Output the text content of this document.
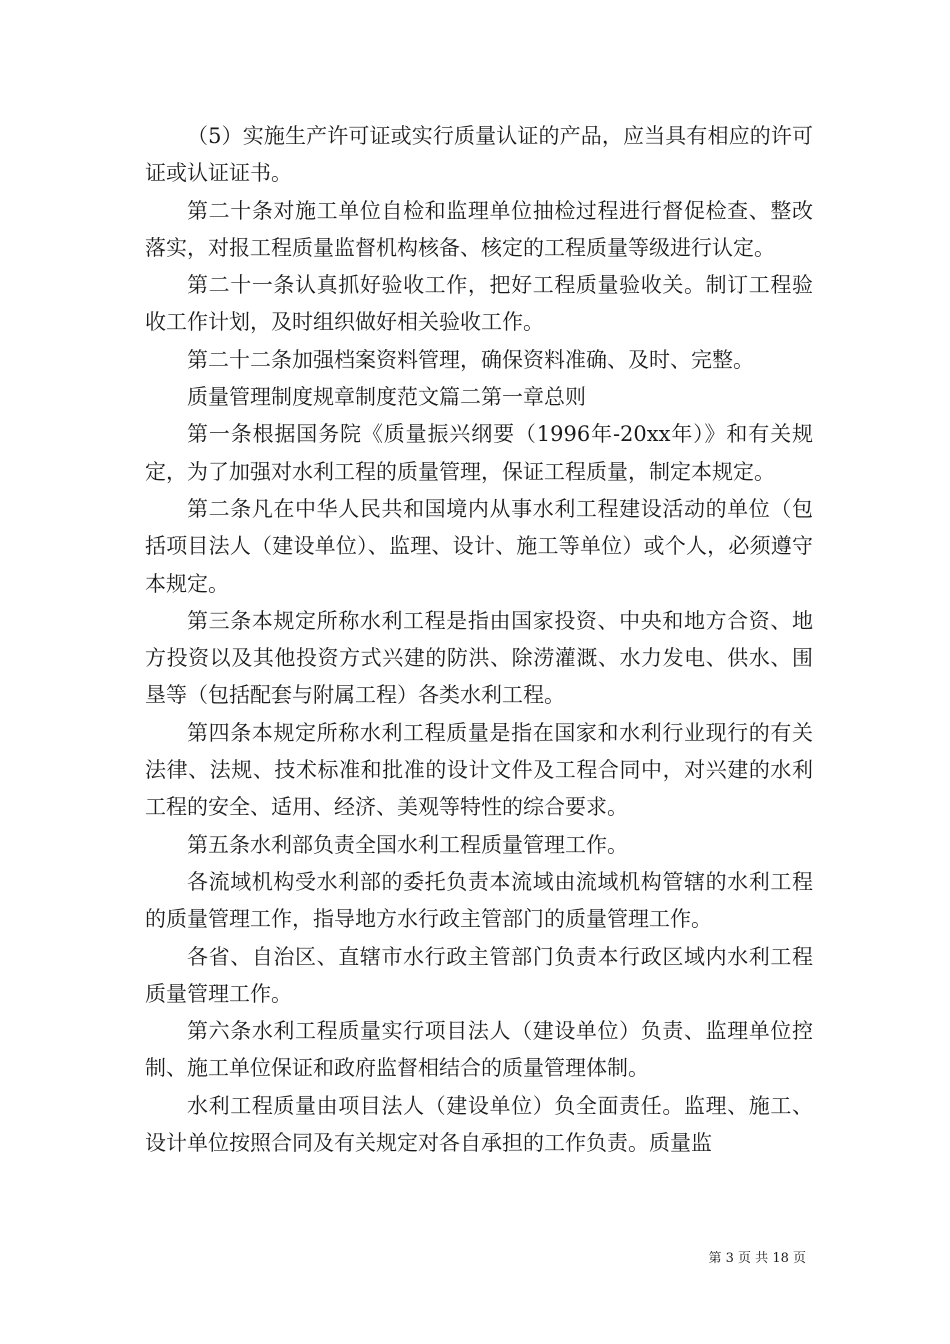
（5）实施生产许可证或实行质量认证的产品，应当具有相应的许可证或认证证书。

第二十条对施工单位自检和监理单位抽检过程进行督促检查、整改落实，对报工程质量监督机构核备、核定的工程质量等级进行认定。

第二十一条认真抓好验收工作，把好工程质量验收关。制订工程验收工作计划，及时组织做好相关验收工作。

第二十二条加强档案资料管理，确保资料准确、及时、完整。

质量管理制度规章制度范文篇二第一章总则

第一条根据国务院《质量振兴纲要（1996年-20xx年）》和有关规定，为了加强对水利工程的质量管理，保证工程质量，制定本规定。

第二条凡在中华人民共和国境内从事水利工程建设活动的单位（包括项目法人（建设单位）、监理、设计、施工等单位）或个人，必须遵守本规定。

第三条本规定所称水利工程是指由国家投资、中央和地方合资、地方投资以及其他投资方式兴建的防洪、除涝灌溉、水力发电、供水、围垦等（包括配套与附属工程）各类水利工程。

第四条本规定所称水利工程质量是指在国家和水利行业现行的有关法律、法规、技术标准和批准的设计文件及工程合同中，对兴建的水利工程的安全、适用、经济、美观等特性的综合要求。

第五条水利部负责全国水利工程质量管理工作。

各流域机构受水利部的委托负责本流域由流域机构管辖的水利工程的质量管理工作，指导地方水行政主管部门的质量管理工作。

各省、自治区、直辖市水行政主管部门负责本行政区域内水利工程质量管理工作。

第六条水利工程质量实行项目法人（建设单位）负责、监理单位控制、施工单位保证和政府监督相结合的质量管理体制。

水利工程质量由项目法人（建设单位）负全面责任。监理、施工、设计单位按照合同及有关规定对各自承担的工作负责。质量监

第 3 页 共 18 页
